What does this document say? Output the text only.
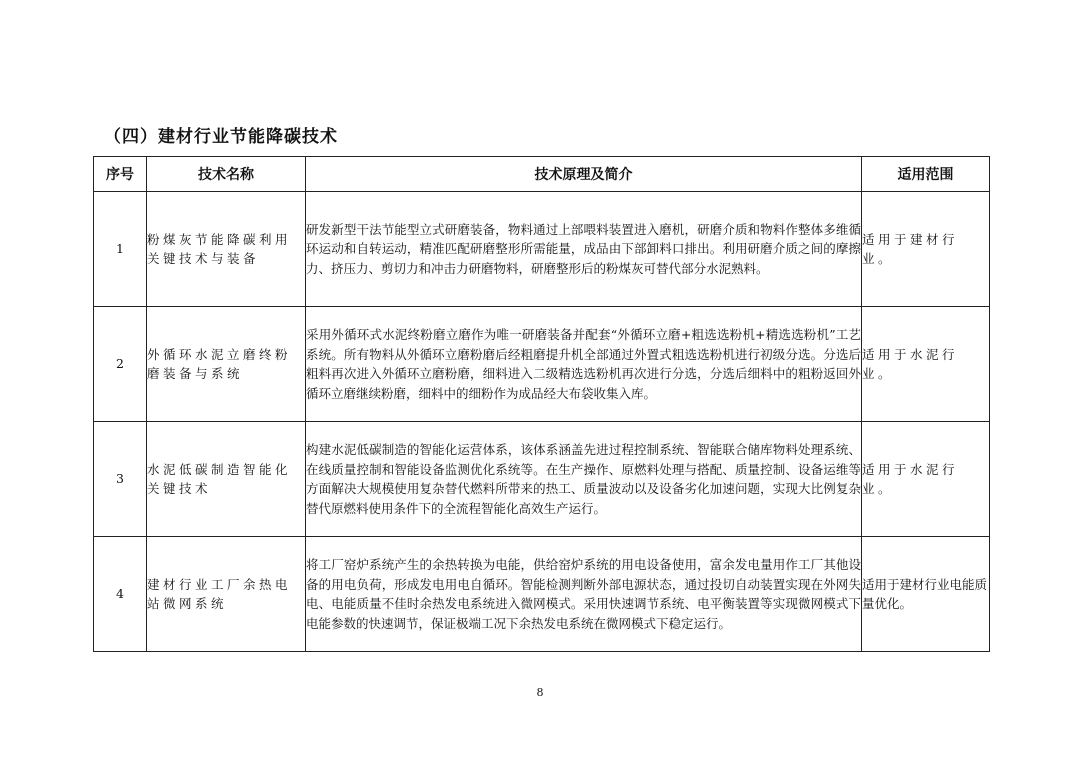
（四）建材行业节能降碳技术
序号	技术名称	技术原理及简介	适用范围
1	粉煤灰节能降碳利用关键技术与装备	研发新型干法节能型立式研磨装备，物料通过上部喂料装置进入磨机，研磨介质和物料作整体多维循环运动和自转运动，精准匹配研磨整形所需能量，成品由下部卸料口排出。利用研磨介质之间的摩擦力、挤压力、剪切力和冲击力研磨物料，研磨整形后的粉煤灰可替代部分水泥熟料。	适用于建材行业。

2	外循环水泥立磨终粉磨装备与系统	采用外循环式水泥终粉磨立磨作为唯一研磨装备并配套“外循环立磨+粗选选粉机+精选选粉机”工艺系统。所有物料从外循环立磨粉磨后经粗磨提升机全部通过外置式粗选选粉机进行初级分选。分选后粗料再次进入外循环立磨粉磨，细料进入二级精选选粉机再次进行分选，分选后细料中的粗粉返回外循环立磨继续粉磨，细料中的细粉作为成品经大布袋收集入库。	适用于水泥行业。

3	水泥低碳制造智能化关键技术	构建水泥低碳制造的智能化运营体系，该体系涵盖先进过程控制系统、智能联合储库物料处理系统、在线质量控制和智能设备监测优化系统等。在生产操作、原燃料处理与搭配、质量控制、设备运维等方面解决大规模使用复杂替代燃料所带来的热工、质量波动以及设备劣化加速问题，实现大比例复杂替代原燃料使用条件下的全流程智能化高效生产运行。	适用于水泥行业。

4	建材行业工厂余热电站微网系统	将工厂窑炉系统产生的余热转换为电能，供给窑炉系统的用电设备使用，富余发电量用作工厂其他设备的用电负荷，形成发电用电自循环。智能检测判断外部电源状态，通过投切自动装置实现在外网失电、电能质量不佳时余热发电系统进入微网模式。采用快速调节系统、电平衡装置等实现微网模式下电能参数的快速调节，保证极端工况下余热发电系统在微网模式下稳定运行。	适用于建材行业电能质量优化。
8
